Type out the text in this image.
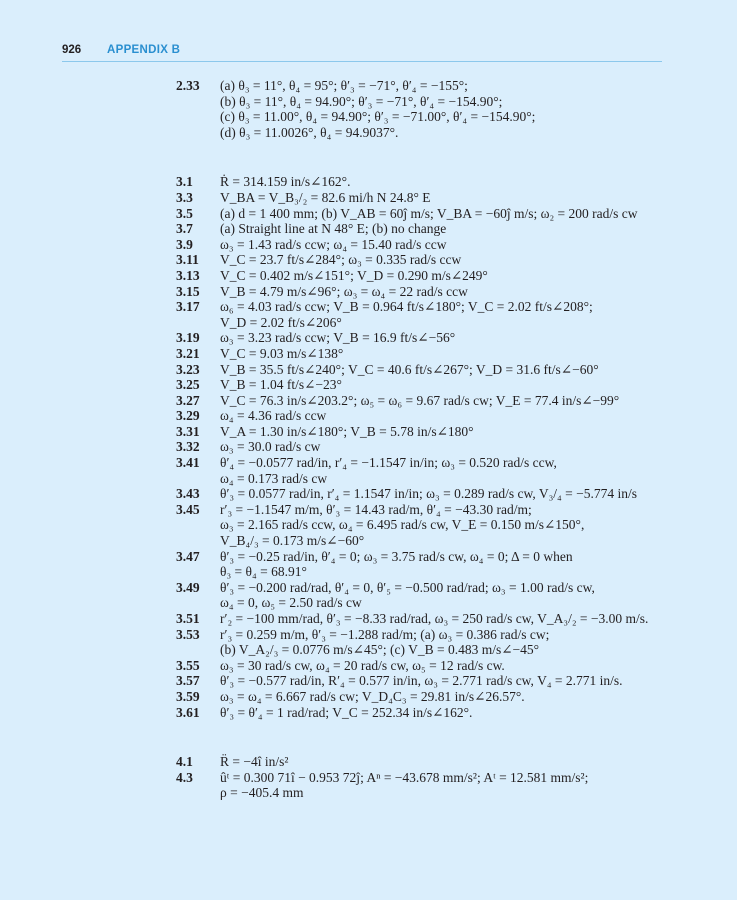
926 APPENDIX B
2.33	(a) θ₃ = 11°, θ₄ = 95°; θ′₃ = −71°, θ′₄ = −155°;
(b) θ₃ = 11°, θ₄ = 94.90°; θ′₃ = −71°, θ′₄ = −154.90°;
(c) θ₃ = 11.00°, θ₄ = 94.90°; θ′₃ = −71.00°, θ′₄ = −154.90°;
(d) θ₃ = 11.0026°, θ₄ = 94.9037°.
3.1	Ṙ = 314.159 in/s∠162°.
3.3	V_BA = V_B₃/₂ = 82.6 mi/h N 24.8° E
3.5	(a) d = 1 400 mm; (b) V_AB = 60ĵ m/s; V_BA = −60ĵ m/s; ω₂ = 200 rad/s cw
3.7	(a) Straight line at N 48° E; (b) no change
3.9	ω₃ = 1.43 rad/s ccw; ω₄ = 15.40 rad/s ccw
3.11	V_C = 23.7 ft/s∠284°; ω₃ = 0.335 rad/s ccw
3.13	V_C = 0.402 m/s∠151°; V_D = 0.290 m/s∠249°
3.15	V_B = 4.79 m/s∠96°; ω₃ = ω₄ = 22 rad/s ccw
3.17	ω₆ = 4.03 rad/s ccw; V_B = 0.964 ft/s∠180°; V_C = 2.02 ft/s∠208°;
V_D = 2.02 ft/s∠206°
3.19	ω₃ = 3.23 rad/s ccw; V_B = 16.9 ft/s∠−56°
3.21	V_C = 9.03 m/s∠138°
3.23	V_B = 35.5 ft/s∠240°; V_C = 40.6 ft/s∠267°; V_D = 31.6 ft/s∠−60°
3.25	V_B = 1.04 ft/s∠−23°
3.27	V_C = 76.3 in/s∠203.2°; ω₅ = ω₆ = 9.67 rad/s cw; V_E = 77.4 in/s∠−99°
3.29	ω₄ = 4.36 rad/s ccw
3.31	V_A = 1.30 in/s∠180°; V_B = 5.78 in/s∠180°
3.32	ω₃ = 30.0 rad/s cw
3.41	θ′₄ = −0.0577 rad/in, r′₄ = −1.1547 in/in; ω₃ = 0.520 rad/s ccw,
ω₄ = 0.173 rad/s cw
3.43	θ′₃ = 0.0577 rad/in, r′₄ = 1.1547 in/in; ω₃ = 0.289 rad/s cw, V₃/₄ = −5.774 in/s
3.45	r′₃ = −1.1547 m/m, θ′₃ = 14.43 rad/m, θ′₄ = −43.30 rad/m;
ω₃ = 2.165 rad/s ccw, ω₄ = 6.495 rad/s cw, V_E = 0.150 m/s∠150°,
V_B₄/₃ = 0.173 m/s∠−60°
3.47	θ′₃ = −0.25 rad/in, θ′₄ = 0; ω₃ = 3.75 rad/s cw, ω₄ = 0; Δ = 0 when
θ₃ = θ₄ = 68.91°
3.49	θ′₃ = −0.200 rad/rad, θ′₄ = 0, θ′₅ = −0.500 rad/rad; ω₃ = 1.00 rad/s cw,
ω₄ = 0, ω₅ = 2.50 rad/s cw
3.51	r′₂ = −100 mm/rad, θ′₃ = −8.33 rad/rad, ω₃ = 250 rad/s cw, V_A₃/₂ = −3.00 m/s.
3.53	r′₃ = 0.259 m/m, θ′₃ = −1.288 rad/m; (a) ω₃ = 0.386 rad/s cw;
(b) V_A₂/₃ = 0.0776 m/s∠45°; (c) V_B = 0.483 m/s∠−45°
3.55	ω₃ = 30 rad/s cw, ω₄ = 20 rad/s cw, ω₅ = 12 rad/s cw.
3.57	θ′₃ = −0.577 rad/in, R′₄ = 0.577 in/in, ω₃ = 2.771 rad/s cw, V₄ = 2.771 in/s.
3.59	ω₃ = ω₄ = 6.667 rad/s cw; V_D₄C₃ = 29.81 in/s∠26.57°.
3.61	θ′₃ = θ′₄ = 1 rad/rad; V_C = 252.34 in/s∠162°.
4.1	R̈ = −4î in/s²
4.3	ûᵗ = 0.300 71î − 0.953 72ĵ; Aⁿ = −43.678 mm/s²; Aᵗ = 12.581 mm/s²;
ρ = −405.4 mm
